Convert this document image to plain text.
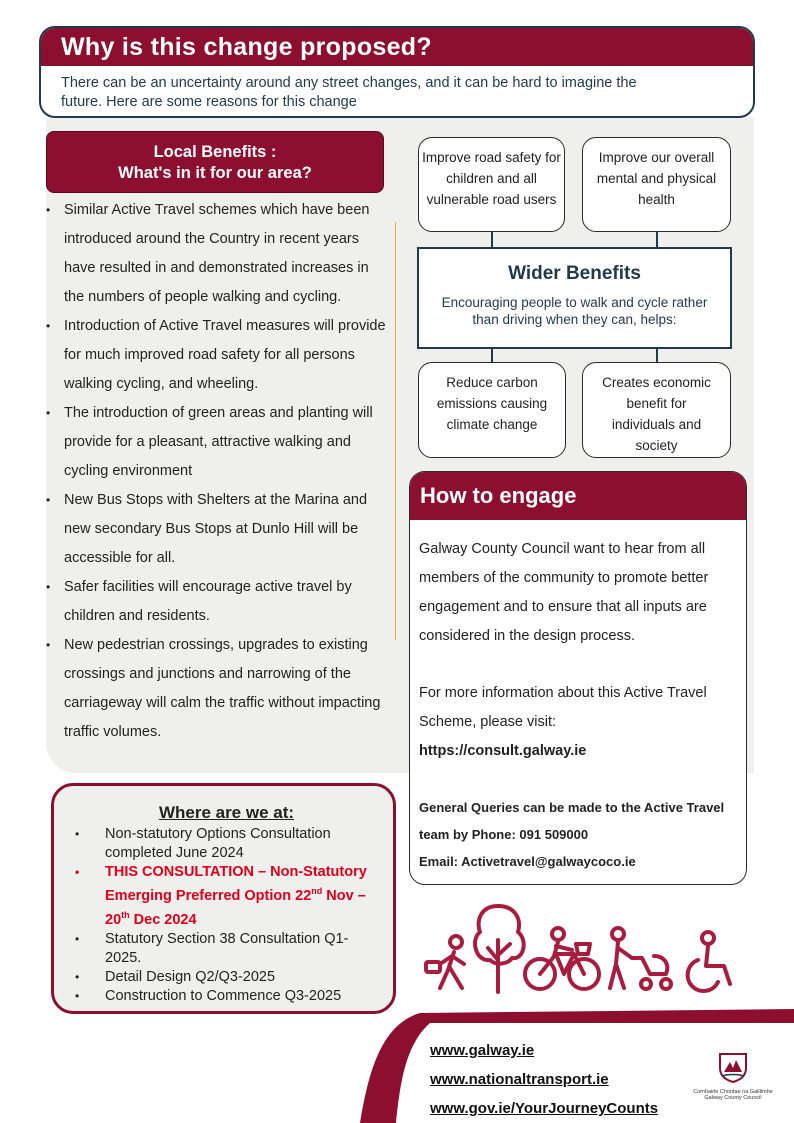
Why is this change proposed?
There can be an uncertainty around any street changes, and it can be hard to imagine the future. Here are some reasons for this change
Local Benefits :
What's in it for our area?
• Similar Active Travel schemes which have been introduced around the Country in recent years have resulted in and demonstrated increases in the numbers of people walking and cycling.
• Introduction of Active Travel measures will provide for much improved road safety for all persons walking cycling, and wheeling.
• The introduction of green areas and planting will provide for a pleasant, attractive walking and cycling environment
• New Bus Stops with Shelters at the Marina and new secondary Bus Stops at Dunlo Hill will be accessible for all.
• Safer facilities will encourage active travel by children and residents.
• New pedestrian crossings, upgrades to existing crossings and junctions and narrowing of the carriageway will calm the traffic without impacting traffic volumes.
Improve road safety for children and all vulnerable road users
Improve our overall mental and physical health
Wider Benefits
Encouraging people to walk and cycle rather than driving when they can, helps:
Reduce carbon emissions causing climate change
Creates economic benefit for individuals and society
How to engage
Galway County Council want to hear from all members of the community to promote better engagement and to ensure that all inputs are considered in the design process.
For more information about this Active Travel Scheme, please visit:
https://consult.galway.ie
General Queries can be made to the Active Travel team by Phone: 091 509000
Email: Activetravel@galwaycoco.ie
Where are we at:
• Non-statutory Options Consultation completed June 2024
• THIS CONSULTATION – Non-Statutory Emerging Preferred Option 22nd Nov – 20th Dec 2024
• Statutory Section 38 Consultation Q1-2025.
• Detail Design Q2/Q3-2025
• Construction to Commence Q3-2025
www.galway.ie
www.nationaltransport.ie
www.gov.ie/YourJourneyCounts
Comhairle Chontae na Gaillimhe
Galway County Council
